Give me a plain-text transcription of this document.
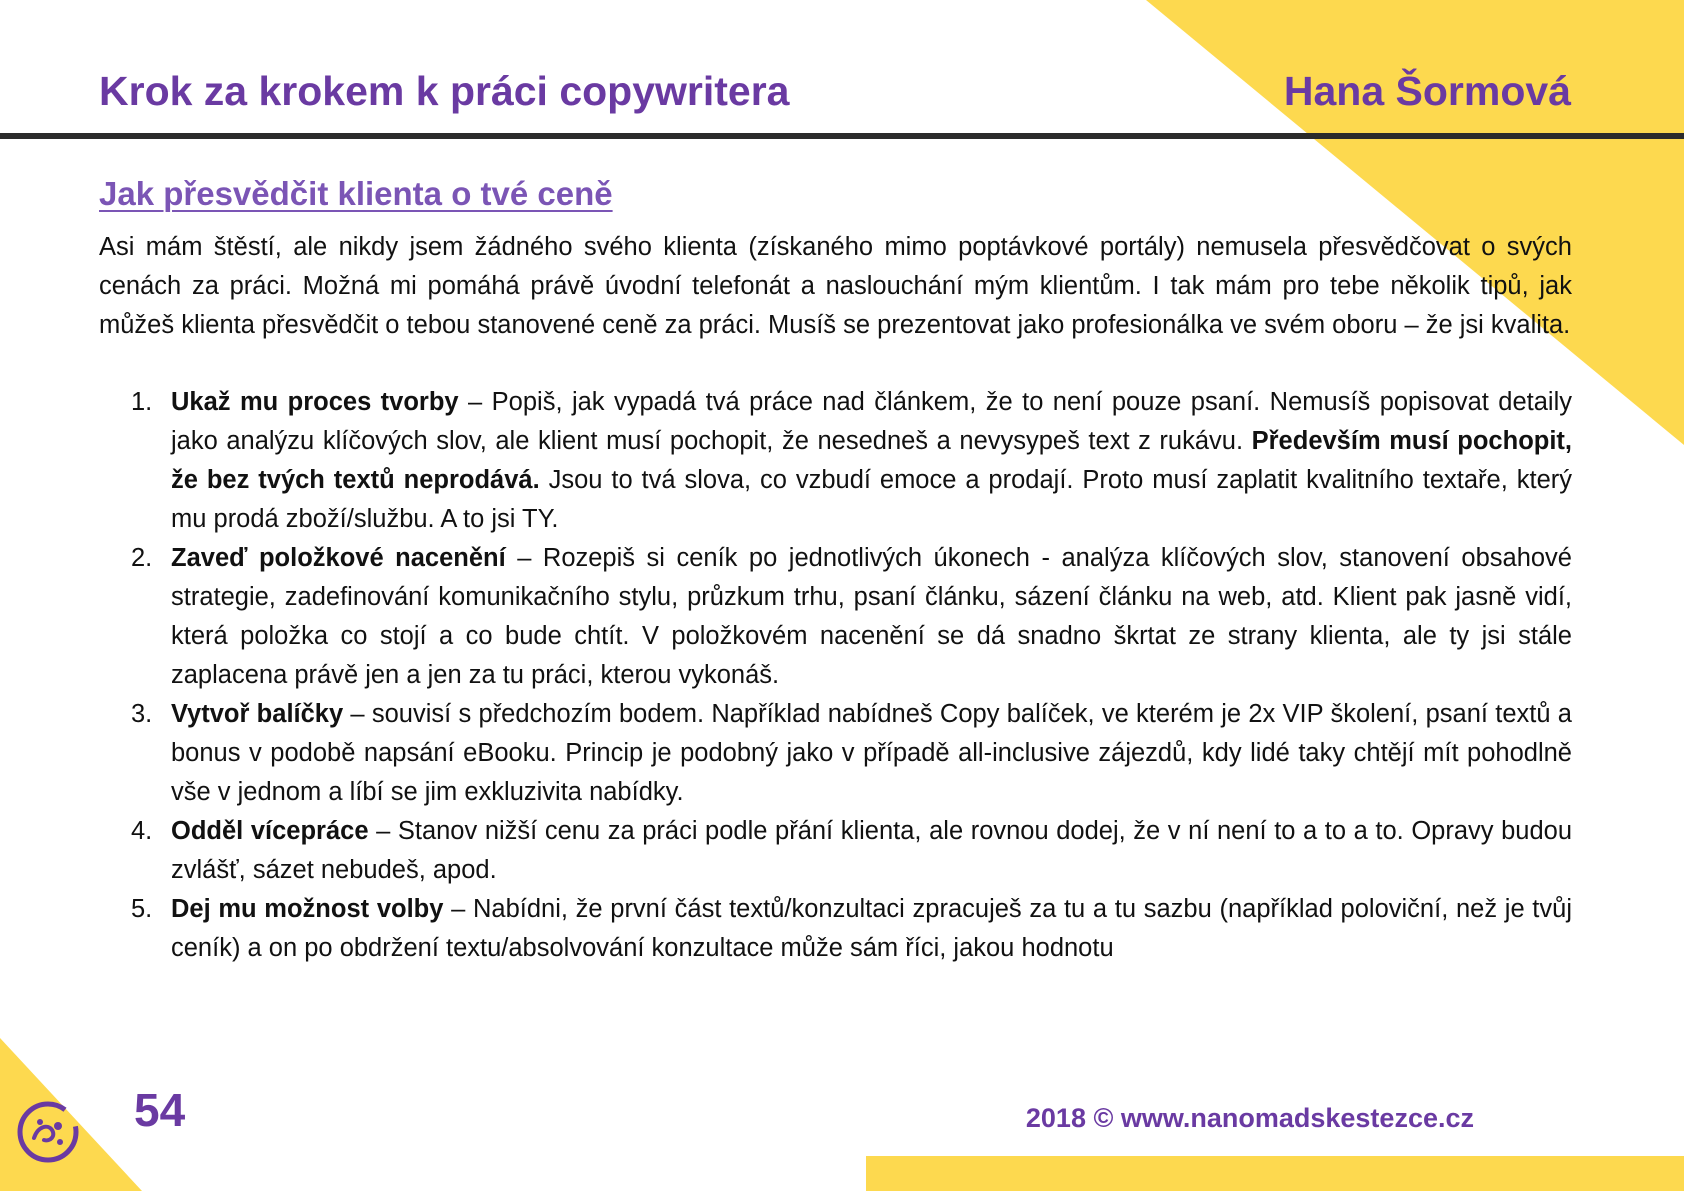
Krok za krokem k práci copywritera	Hana Šormová
Jak přesvědčit klienta o tvé ceně

Asi mám štěstí, ale nikdy jsem žádného svého klienta (získaného mimo poptávkové portály) nemusela přesvědčovat o svých cenách za práci. Možná mi pomáhá právě úvodní telefonát a naslouchání mým klientům. I tak mám pro tebe několik tipů, jak můžeš klienta přesvědčit o tebou stanovené ceně za práci. Musíš se prezentovat jako profesionálka ve svém oboru – že jsi kvalita.

1. Ukaž mu proces tvorby – Popiš, jak vypadá tvá práce nad článkem, že to není pouze psaní. Nemusíš popisovat detaily jako analýzu klíčových slov, ale klient musí pochopit, že nesedneš a nevysypeš text z rukávu. Především musí pochopit, že bez tvých textů neprodává. Jsou to tvá slova, co vzbudí emoce a prodají. Proto musí zaplatit kvalitního textaře, který mu prodá zboží/službu. A to jsi TY.
2. Zaveď položkové nacenění – Rozepiš si ceník po jednotlivých úkonech - analýza klíčových slov, stanovení obsahové strategie, zadefinování komunikačního stylu, průzkum trhu, psaní článku, sázení článku na web, atd. Klient pak jasně vidí, která položka co stojí a co bude chtít. V položkovém nacenění se dá snadno škrtat ze strany klienta, ale ty jsi stále zaplacena právě jen a jen za tu práci, kterou vykonáš.
3. Vytvoř balíčky – souvisí s předchozím bodem. Například nabídneš Copy balíček, ve kterém je 2x VIP školení, psaní textů a bonus v podobě napsání eBooku. Princip je podobný jako v případě all-inclusive zájezdů, kdy lidé taky chtějí mít pohodlně vše v jednom a líbí se jim exkluzivita nabídky.
4. Odděl vícepráce – Stanov nižší cenu za práci podle přání klienta, ale rovnou dodej, že v ní není to a to a to. Opravy budou zvlášť, sázet nebudeš, apod.
5. Dej mu možnost volby – Nabídni, že první část textů/konzultaci zpracuješ za tu a tu sazbu (například poloviční, než je tvůj ceník) a on po obdržení textu/absolvování konzultace může sám říci, jakou hodnotu
54	2018 © www.nanomadskestezce.cz
